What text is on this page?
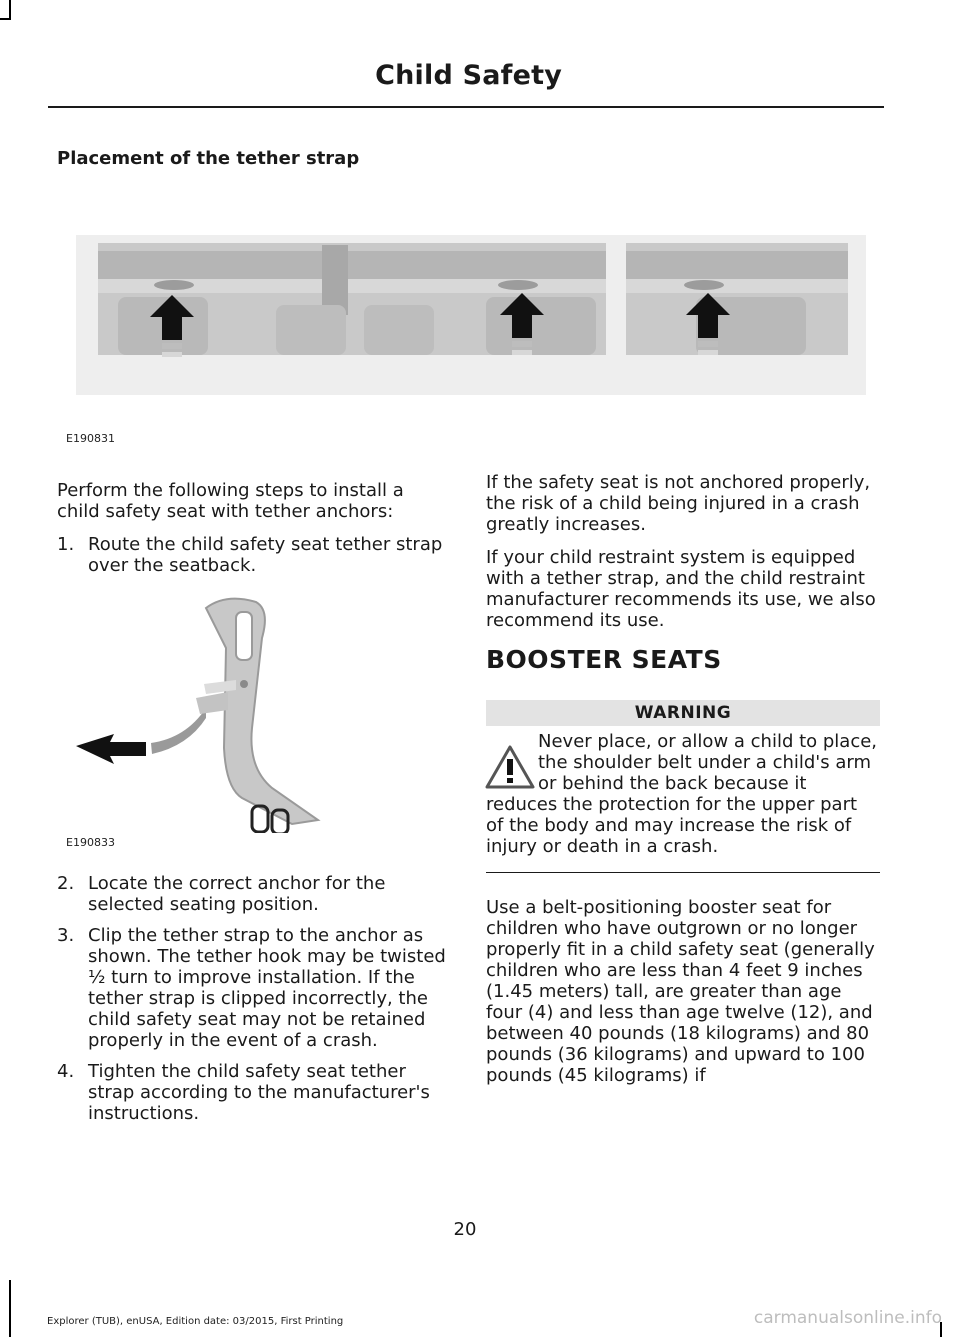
Child Safety
Placement of the tether strap
E190831
E190833

Perform the following steps to install a child safety seat with tether anchors:

1. Route the child safety seat tether strap over the seatback.
2. Locate the correct anchor for the selected seating position.
3. Clip the tether strap to the anchor as shown. The tether hook may be twisted ½ turn to improve installation. If the tether strap is clipped incorrectly, the child safety seat may not be retained properly in the event of a crash.
4. Tighten the child safety seat tether strap according to the manufacturer's instructions.

If the safety seat is not anchored properly, the risk of a child being injured in a crash greatly increases.

If your child restraint system is equipped with a tether strap, and the child restraint manufacturer recommends its use, we also recommend its use.

BOOSTER SEATS
WARNING

Never place, or allow a child to place, the shoulder belt under a child's arm or behind the back because it reduces the protection for the upper part of the body and may increase the risk of injury or death in a crash.

Use a belt-positioning booster seat for children who have outgrown or no longer properly fit in a child safety seat (generally children who are less than 4 feet 9 inches (1.45 meters) tall, are greater than age four (4) and less than age twelve (12), and between 40 pounds (18 kilograms) and 80 pounds (36 kilograms) and upward to 100 pounds (45 kilograms) if

20
Explorer (TUB), enUSA, Edition date: 03/2015, First Printing	carmanualsonline.info
